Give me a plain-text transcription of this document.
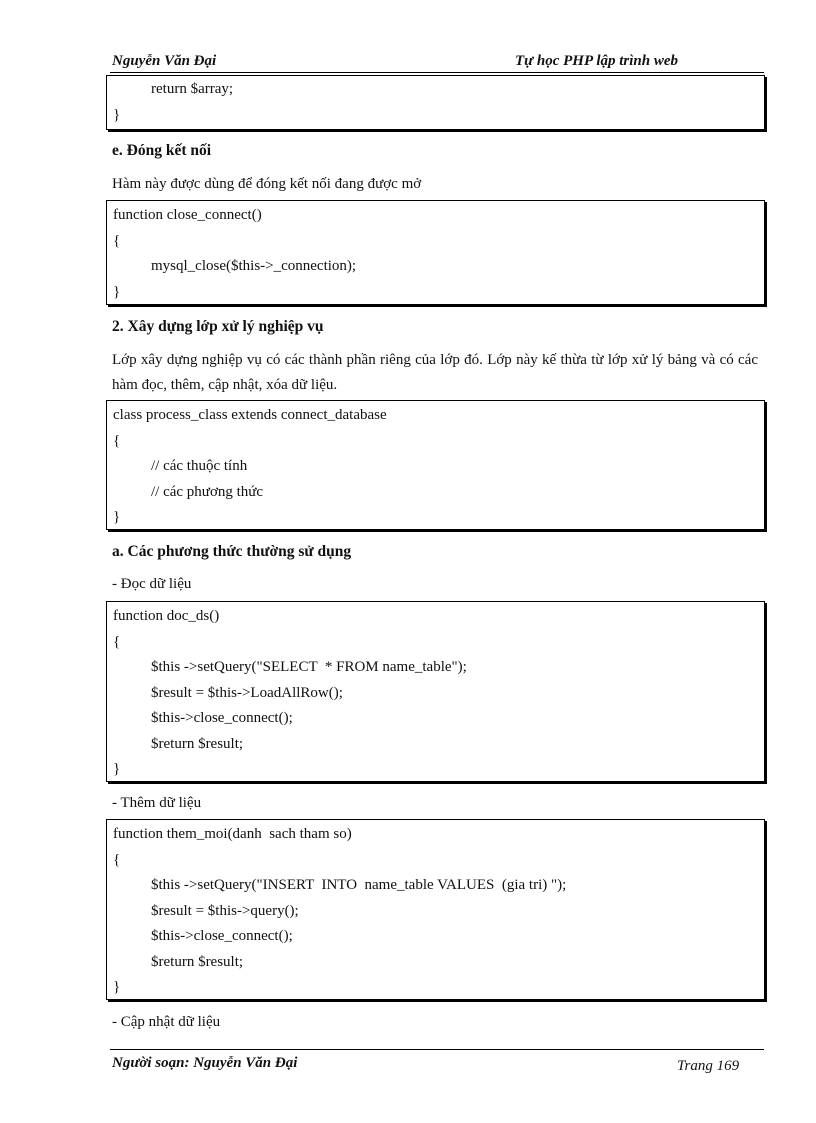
Nguyễn Văn Đại	Tự học PHP lập trình web
return $array;
}
e. Đóng kết nối
Hàm này được dùng để đóng kết nối đang được mở
function close_connect()
{
mysql_close($this->_connection);
}
2. Xây dựng lớp xử lý nghiệp vụ
Lớp xây dựng nghiệp vụ có các thành phần riêng của lớp đó. Lớp này kế thừa từ lớp xử lý bảng và có các hàm đọc, thêm, cập nhật, xóa dữ liệu.
class process_class extends connect_database
{
// các thuộc tính
// các phương thức
}
a. Các phương thức thường sử dụng
- Đọc dữ liệu
function doc_ds()
{
$this ->setQuery("SELECT  * FROM name_table");
$result = $this->LoadAllRow();
$this->close_connect();
$return $result;
}
- Thêm dữ liệu
function them_moi(danh  sach tham so)
{
$this ->setQuery("INSERT  INTO  name_table VALUES  (gia tri) ");
$result = $this->query();
$this->close_connect();
$return $result;
}
- Cập nhật dữ liệu
Người soạn: Nguyễn Văn Đại	Trang 169
